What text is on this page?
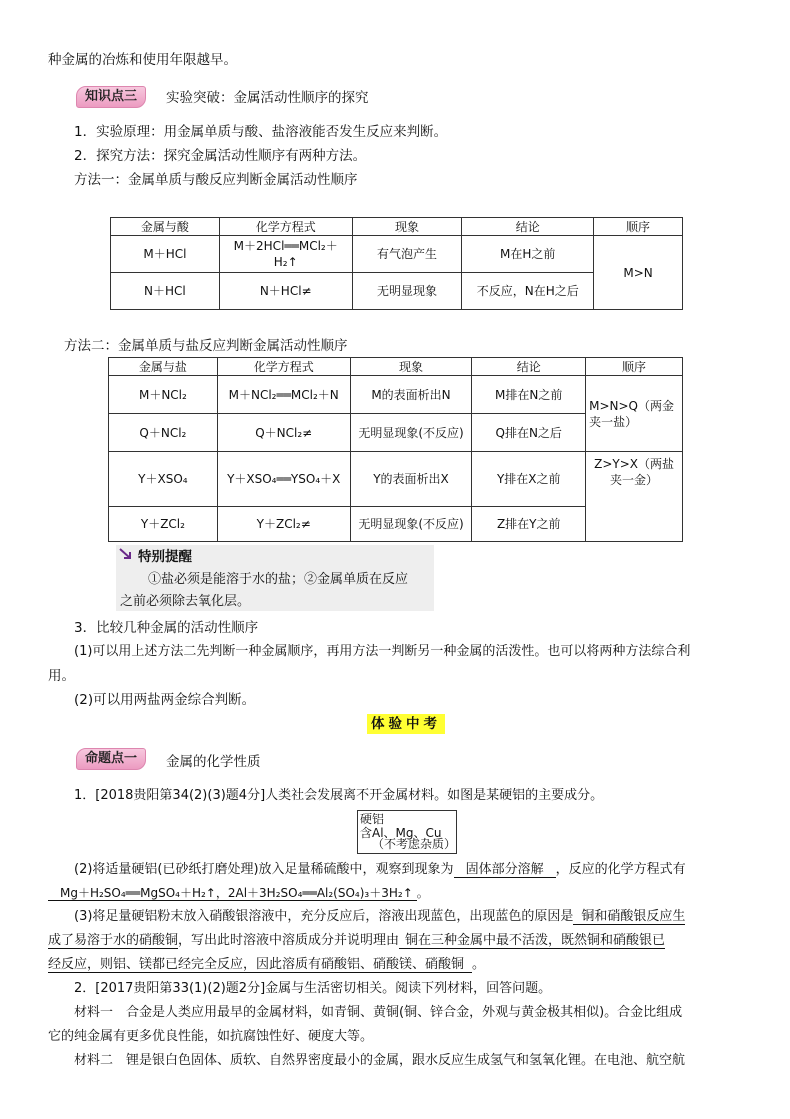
种金属的冶炼和使用年限越早。
知识点三	实验突破：金属活动性顺序的探究
1．实验原理：用金属单质与酸、盐溶液能否发生反应来判断。
2．探究方法：探究金属活动性顺序有两种方法。
方法一：金属单质与酸反应判断金属活动性顺序
金属与酸	化学方程式	现象	结论	顺序
M＋HCl	M＋2HCl══MCl₂＋H₂↑	有气泡产生	M在H之前	M>N
N＋HCl	N＋HCl≠	无明显现象	不反应，N在H之后	
方法二：金属单质与盐反应判断金属活动性顺序
金属与盐	化学方程式	现象	结论	顺序
M＋NCl₂	M＋NCl₂══MCl₂＋N	M的表面析出N	M排在N之前	M>N>Q（两金夹一盐）
Q＋NCl₂	Q＋NCl₂≠	无明显现象(不反应)	Q排在N之后	
Y＋XSO₄	Y＋XSO₄══YSO₄＋X	Y的表面析出X	Y排在X之前	Z>Y>X（两盐夹一金）
Y＋ZCl₂	Y＋ZCl₂≠	无明显现象(不反应)	Z排在Y之前	
特别提醒
①盐必须是能溶于水的盐；②金属单质在反应
之前必须除去氧化层。
3．比较几种金属的活动性顺序
(1)可以用上述方法二先判断一种金属顺序，再用方法一判断另一种金属的活泼性。也可以将两种方法综合利
用。
(2)可以用两盐两金综合判断。
体验中考
命题点一	金属的化学性质
1．[2018贵阳第34(2)(3)题4分]人类社会发展离不开金属材料。如图是某硬铝的主要成分。
硬铝
含Al、Mg、Cu
（不考虑杂质）
(2)将适量硬铝(已砂纸打磨处理)放入足量稀硫酸中，观察到现象为 固体部分溶解 ，反应的化学方程式有
Mg＋H₂SO₄══MgSO₄＋H₂↑，2Al＋3H₂SO₄══Al₂(SO₄)₃＋3H₂↑ 。
(3)将足量硬铝粉末放入硝酸银溶液中，充分反应后，溶液出现蓝色，出现蓝色的原因是 铜和硝酸银反应生
成了易溶于水的硝酸铜，写出此时溶液中溶质成分并说明理由 铜在三种金属中最不活泼，既然铜和硝酸银已
经反应，则铝、镁都已经完全反应，因此溶质有硝酸铝、硝酸镁、硝酸铜 。
2．[2017贵阳第33(1)(2)题2分]金属与生活密切相关。阅读下列材料，回答问题。
材料一　合金是人类应用最早的金属材料，如青铜、黄铜(铜、锌合金，外观与黄金极其相似)。合金比组成
它的纯金属有更多优良性能，如抗腐蚀性好、硬度大等。
材料二　锂是银白色固体、质软、自然界密度最小的金属，跟水反应生成氢气和氢氧化锂。在电池、航空航
